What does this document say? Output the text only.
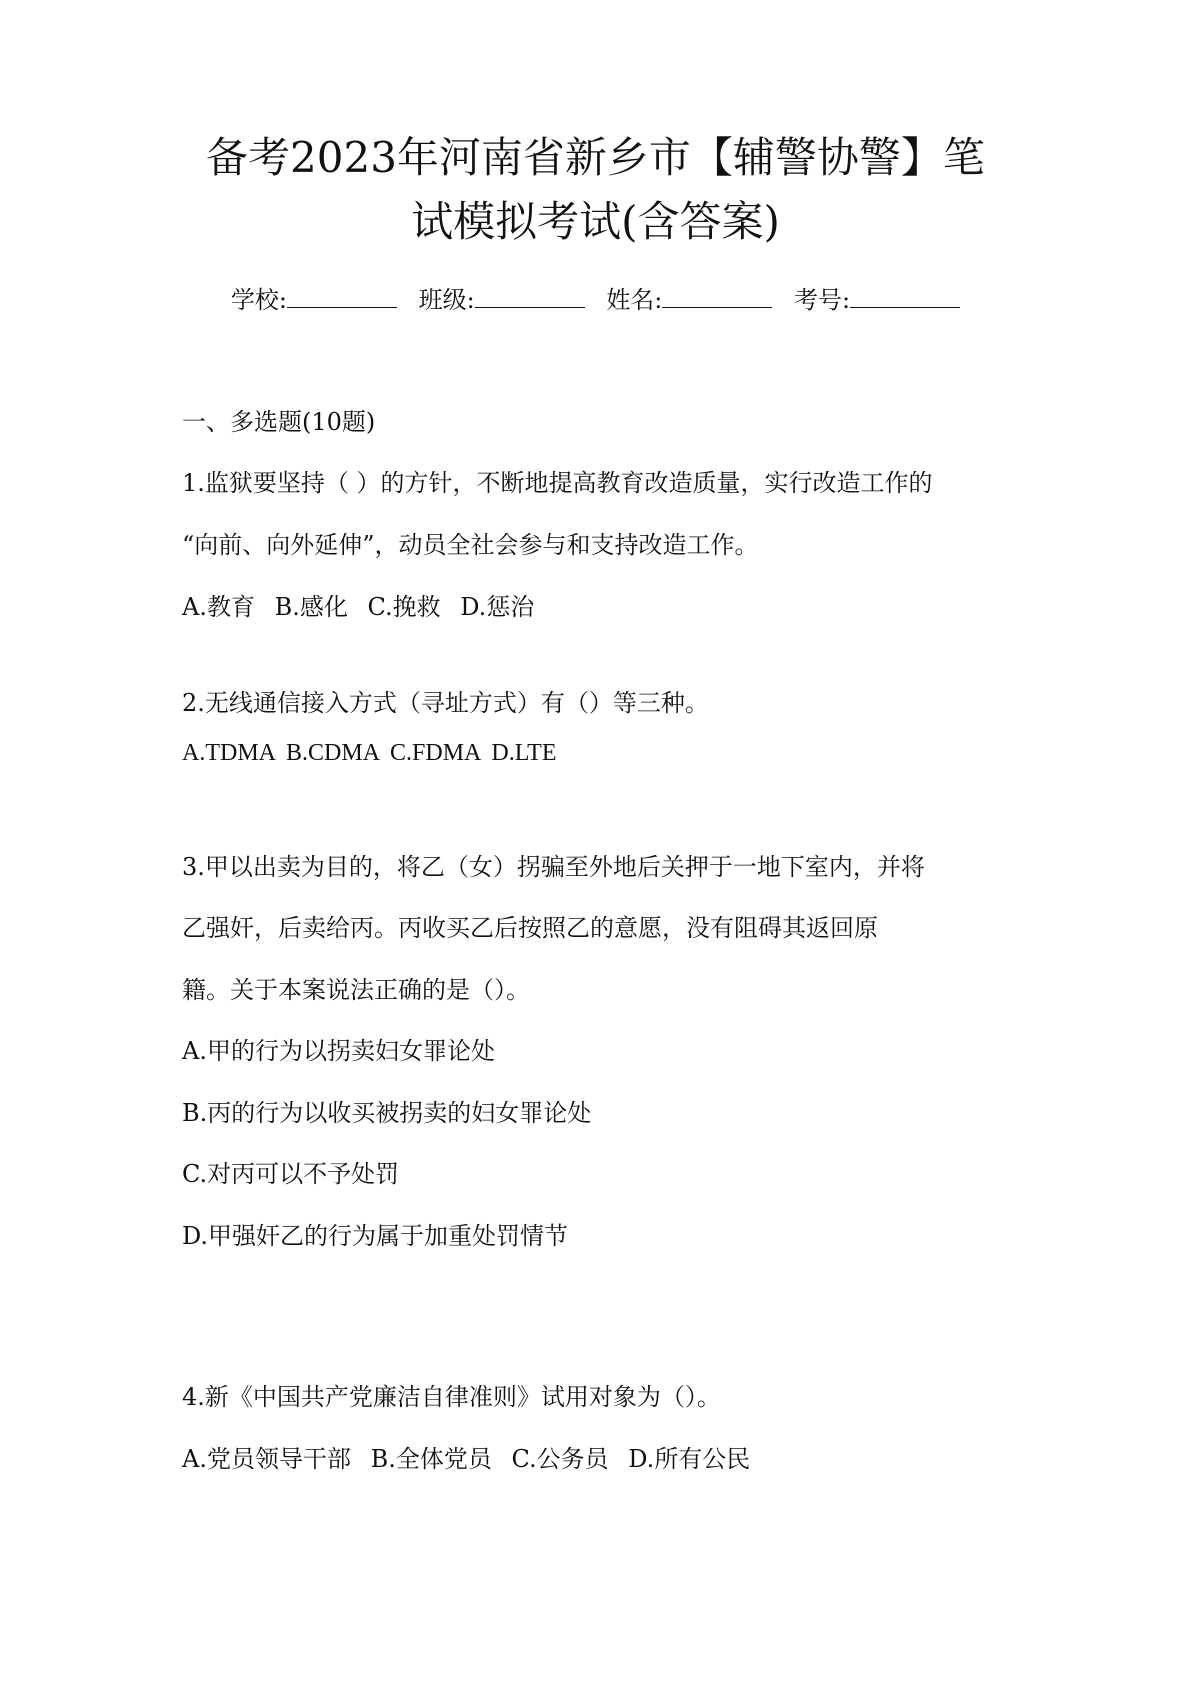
备考2023年河南省新乡市【辅警协警】笔
试模拟考试(含答案)
学校:	班级:	姓名:	考号:
一、多选题(10题)
1.监狱要坚持（ ）的方针，不断地提高教育改造质量，实行改造工作的
“向前、向外延伸”，动员全社会参与和支持改造工作。
A.教育 B.感化 C.挽救 D.惩治
2.无线通信接入方式（寻址方式）有（）等三种。
A.TDMA B.CDMA C.FDMA D.LTE
3.甲以出卖为目的，将乙（女）拐骗至外地后关押于一地下室内，并将
乙强奸，后卖给丙。丙收买乙后按照乙的意愿，没有阻碍其返回原
籍。关于本案说法正确的是（）。
A.甲的行为以拐卖妇女罪论处
B.丙的行为以收买被拐卖的妇女罪论处
C.对丙可以不予处罚
D.甲强奸乙的行为属于加重处罚情节
4.新《中国共产党廉洁自律准则》试用对象为（）。
A.党员领导干部 B.全体党员 C.公务员 D.所有公民
